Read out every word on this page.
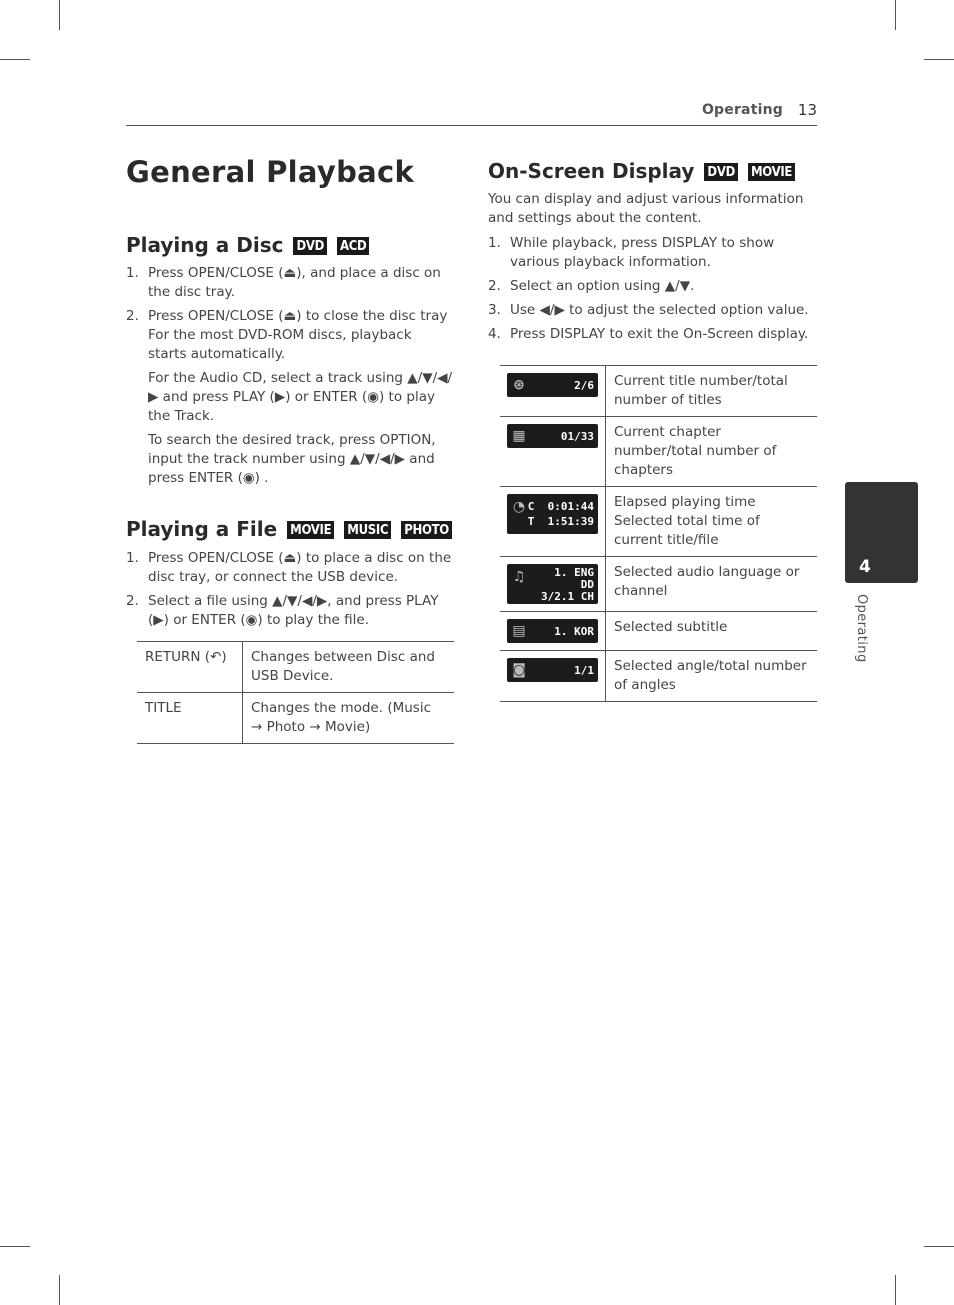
Operating 13
General Playback
Playing a Disc DVD ACD
1. Press OPEN/CLOSE (⏏), and place a disc on the disc tray.
2. Press OPEN/CLOSE (⏏) to close the disc tray For the most DVD-ROM discs, playback starts automatically.
For the Audio CD, select a track using ▲/▼/◀/▶ and press PLAY (▶) or ENTER (◉) to play the Track.
To search the desired track, press OPTION, input the track number using ▲/▼/◀/▶ and press ENTER (◉) .
Playing a File MOVIE MUSIC PHOTO
1. Press OPEN/CLOSE (⏏) to place a disc on the disc tray, or connect the USB device.
2. Select a file using ▲/▼/◀/▶, and press PLAY (▶) or ENTER (◉) to play the file.
RETURN (↶)	Changes between Disc and USB Device.
TITLE	Changes the mode. (Music → Photo → Movie)
On-Screen Display DVD MOVIE
You can display and adjust various information and settings about the content.
1. While playback, press DISPLAY to show various playback information.
2. Select an option using ▲/▼.
3. Use ◀/▶ to adjust the selected option value.
4. Press DISPLAY to exit the On-Screen display.
⊛ 2/6	Current title number/total number of titles

▦ 01/33	Current chapter number/total number of chapters

◔ C  0:01:44
T  1:51:39	Elapsed playing time Selected total time of current title/file

♫ 1. ENG
DD
3/2.1 CH	Selected audio language or channel

▤ 1. KOR	Selected subtitle

◙ 1/1	Selected angle/total number of angles
4
Operating
